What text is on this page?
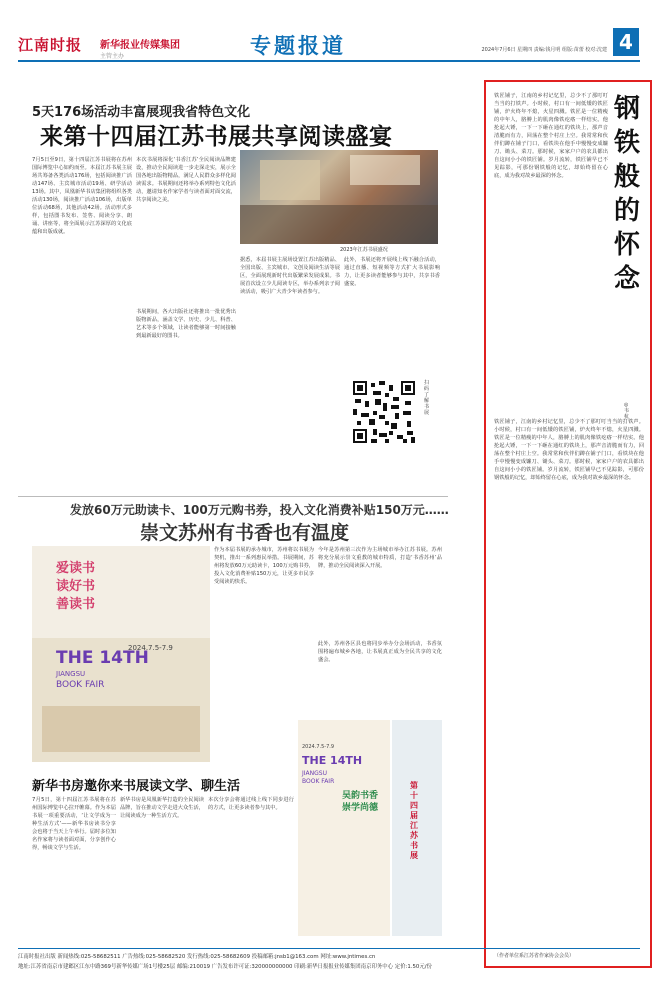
江南时报 新华报业传媒集团
主管主办	专题报道	2024年7月6日 星期四 责编:钱月明 组版:苗蕾 校对:沈建 4
5天176场活动丰富展现我省特色文化
来第十四届江苏书展共享阅读盛宴
7月5日至9日，第十四届江苏书展将在苏州国际博览中心如约而至。本届江苏书展主展场共筹备各类活动176场，包括阅读推广活动147场、主宾城市活动19场、研学活动13场。其中，凤凰新华书店集团将组织各类活动130场，阅读推广活动106场，出版单位活动68场，其他活动42场。活动形式多样，包括图书发布、签售、阅读分享、朗诵、讲座等，将全面展示江苏深厚的文化底蕴和出版成就。
本次书展将深化‘书香江苏’全民阅读品牌建设，推动全民阅读进一步走深走实，展示全国各地出版物精品，满足人民群众多样化阅读需求。书展期间还将举办系列特色文化活动，邀请知名作家学者与读者面对面交流，共享阅读之美。
2023年江苏书展盛况
据悉，本届书展主展场设置江苏出版精品、全国出版、主宾城市、文创及阅读生活等展区，全面展现新时代出版繁荣发展成果。书展首次设立少儿阅读专区，举办系列亲子阅读活动，吸引广大青少年读者参与。
书展期间，各大出版社还将推出一批优秀出版物新品，涵盖文学、历史、少儿、科普、艺术等多个领域，让读者能够第一时间接触到最新最好的图书。
此外，书展还将开展线上线下融合活动，通过直播、短视频等方式扩大书展影响力，让更多读者能够参与其中，共享书香盛宴。
扫码了解书展
发放60万元助读卡、100万元购书券，投入文化消费补贴150万元……
崇文苏州有书香也有温度
爱读书
读好书
善读书
THE 14TH
JIANGSU
BOOK FAIR
2024.7.5-7.9
作为本届书展的承办城市，苏州将以书展为契机，推出一系列惠民举措。书展期间，苏州将发放60万元助读卡，100万元购书券，投入文化消费补贴150万元，让更多市民享受阅读的快乐。
今年是苏州第三次作为主场城市举办江苏书展。苏州将充分展示崇文重教的城市特质，打造‘书香苏州’品牌，推动全民阅读深入开展。
此外，苏州各区县也将同步举办分会场活动，书香氛围将遍布城乡各地，让书展真正成为全民共享的文化盛会。
THE 14TH
JIANGSU
BOOK FAIR
2024.7.5-7.9
吴韵书香
崇学尚德
第十四届江苏书展
新华书房邀你来书展读文学、聊生活
7月5日，第十四届江苏书展将在苏州国际博览中心拉开帷幕。作为本届书展一项重要活动，‘让文学成为一种生活方式’——新华书房读书分享会也将于当天上午举行。届时多位知名作家将与读者面对面，分享创作心得，畅谈文学与生活。
新华书房是凤凰新华打造的全民阅读品牌，旨在推动文学走进大众生活，让阅读成为一种生活方式。
本次分享会将通过线上线下同步进行的方式，让更多读者参与其中。
钢铁般的怀念
◎ 韦杭
铁匠铺子，江南的乡村记忆里，总少不了那叮叮当当的打铁声。小时候，村口有一间低矮的铁匠铺，炉火终年不熄，火星四溅。铁匠是一位精瘦的中年人，胳膊上的肌肉像铁疙瘩一样结实。他抡起大锤，一下一下砸在通红的铁块上，那声音清脆而有力，回荡在整个村庄上空。我常常和伙伴们蹲在铺子门口，看铁块在他手中慢慢变成镰刀、锄头、菜刀。那时候，家家户户的农具都出自这间小小的铁匠铺。岁月流转，铁匠铺早已不见踪影，可那份钢铁般的记忆，却始终留在心底，成为我对故乡最深的怀念。
铁匠铺子，江南的乡村记忆里，总少不了那叮叮当当的打铁声。小时候，村口有一间低矮的铁匠铺，炉火终年不熄，火星四溅。铁匠是一位精瘦的中年人，胳膊上的肌肉像铁疙瘩一样结实。他抡起大锤，一下一下砸在通红的铁块上，那声音清脆而有力，回荡在整个村庄上空。我常常和伙伴们蹲在铺子门口，看铁块在他手中慢慢变成镰刀、锄头、菜刀。那时候，家家户户的农具都出自这间小小的铁匠铺。岁月流转，铁匠铺早已不见踪影，可那份钢铁般的记忆，却始终留在心底，成为我对故乡最深的怀念。
（作者单位系江苏省作家协会会员）
江南时报社出版 新闻热线:025-58682511 广告热线:025-58682520 发行热线:025-58682609 投稿邮箱:jnsb1@163.com 网址:www.jntimes.cn
地址:江苏省南京市建邺区江东中路369号新华传媒广场1号楼25层 邮编:210019 广告发布许可证:320000000000 印刷:新华日报报业传媒集团南京印务中心 定价:1.50元/份
